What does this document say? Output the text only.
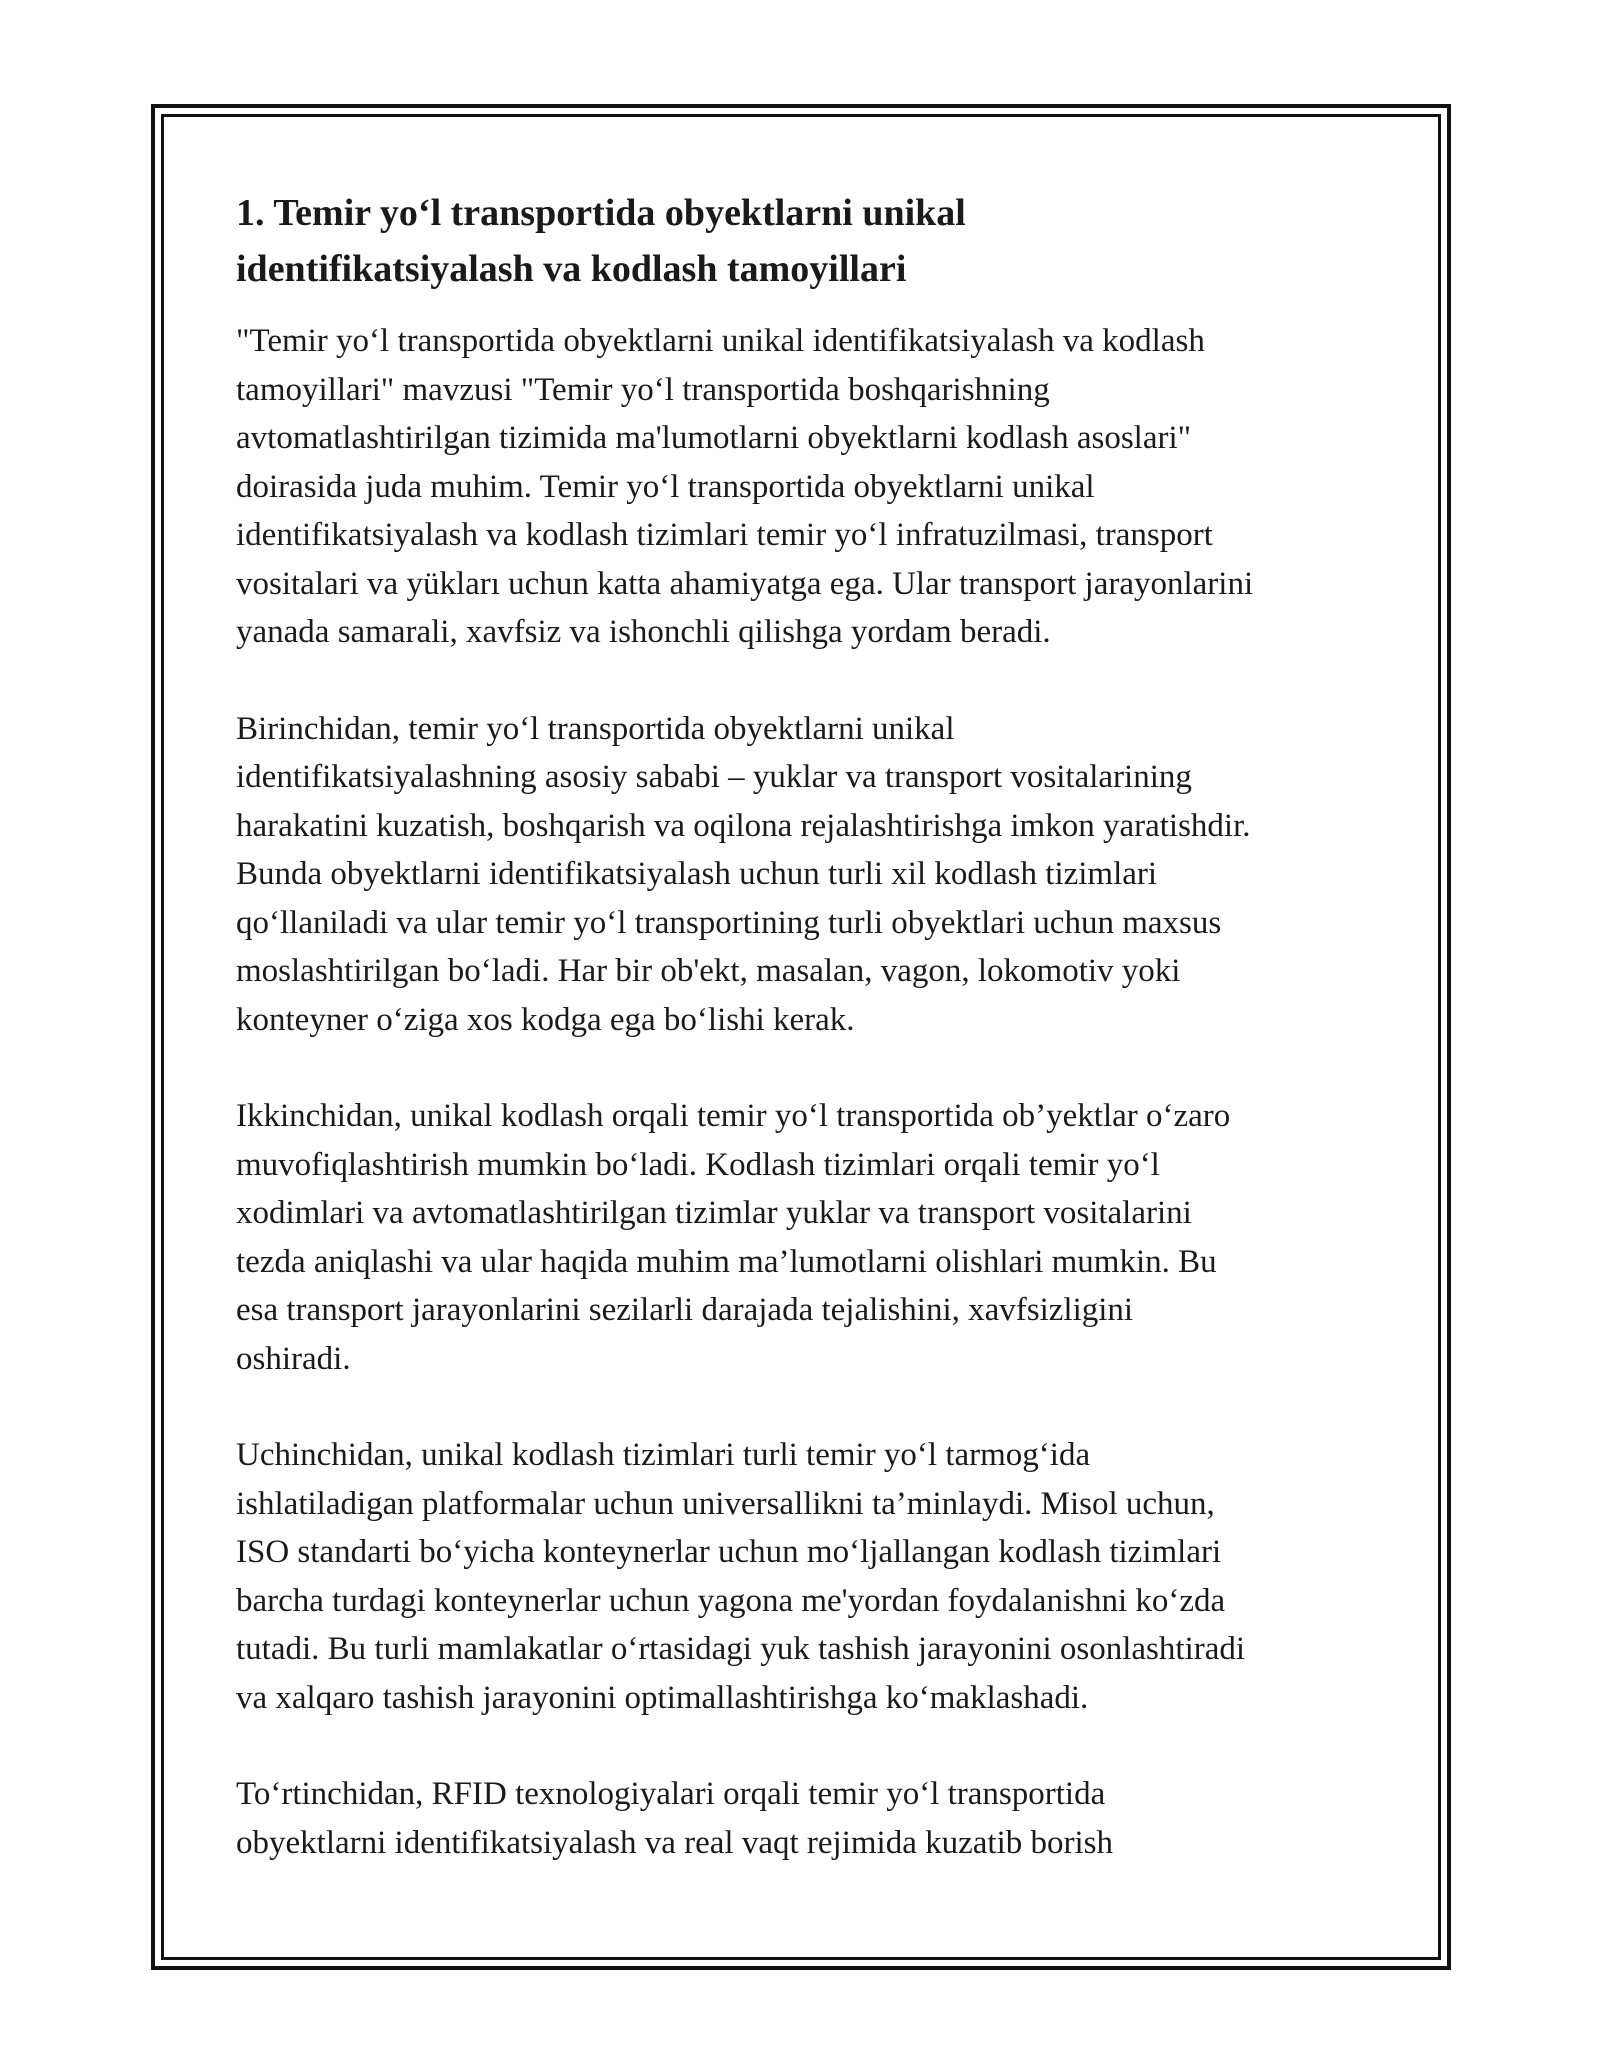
1. Temir yo‘l transportida obyektlarni unikal
identifikatsiyalash va kodlash tamoyillari
"Temir yo‘l transportida obyektlarni unikal identifikatsiyalash va kodlash
tamoyillari" mavzusi "Temir yo‘l transportida boshqarishning
avtomatlashtirilgan tizimida ma'lumotlarni obyektlarni kodlash asoslari"
doirasida juda muhim. Temir yo‘l transportida obyektlarni unikal
identifikatsiyalash va kodlash tizimlari temir yo‘l infratuzilmasi, transport
vositalari va yükları uchun katta ahamiyatga ega. Ular transport jarayonlarini
yanada samarali, xavfsiz va ishonchli qilishga yordam beradi.
Birinchidan, temir yo‘l transportida obyektlarni unikal
identifikatsiyalashning asosiy sababi – yuklar va transport vositalarining
harakatini kuzatish, boshqarish va oqilona rejalashtirishga imkon yaratishdir.
Bunda obyektlarni identifikatsiyalash uchun turli xil kodlash tizimlari
qo‘llaniladi va ular temir yo‘l transportining turli obyektlari uchun maxsus
moslashtirilgan bo‘ladi. Har bir ob'ekt, masalan, vagon, lokomotiv yoki
konteyner o‘ziga xos kodga ega bo‘lishi kerak.
Ikkinchidan, unikal kodlash orqali temir yo‘l transportida ob’yektlar o‘zaro
muvofiqlashtirish mumkin bo‘ladi. Kodlash tizimlari orqali temir yo‘l
xodimlari va avtomatlashtirilgan tizimlar yuklar va transport vositalarini
tezda aniqlashi va ular haqida muhim ma’lumotlarni olishlari mumkin. Bu
esa transport jarayonlarini sezilarli darajada tejalishini, xavfsizligini
oshiradi.
Uchinchidan, unikal kodlash tizimlari turli temir yo‘l tarmog‘ida
ishlatiladigan platformalar uchun universallikni ta’minlaydi. Misol uchun,
ISO standarti bo‘yicha konteynerlar uchun mo‘ljallangan kodlash tizimlari
barcha turdagi konteynerlar uchun yagona me'yordan foydalanishni ko‘zda
tutadi. Bu turli mamlakatlar o‘rtasidagi yuk tashish jarayonini osonlashtiradi
va xalqaro tashish jarayonini optimallashtirishga ko‘maklashadi.
To‘rtinchidan, RFID texnologiyalari orqali temir yo‘l transportida
obyektlarni identifikatsiyalash va real vaqt rejimida kuzatib borish
